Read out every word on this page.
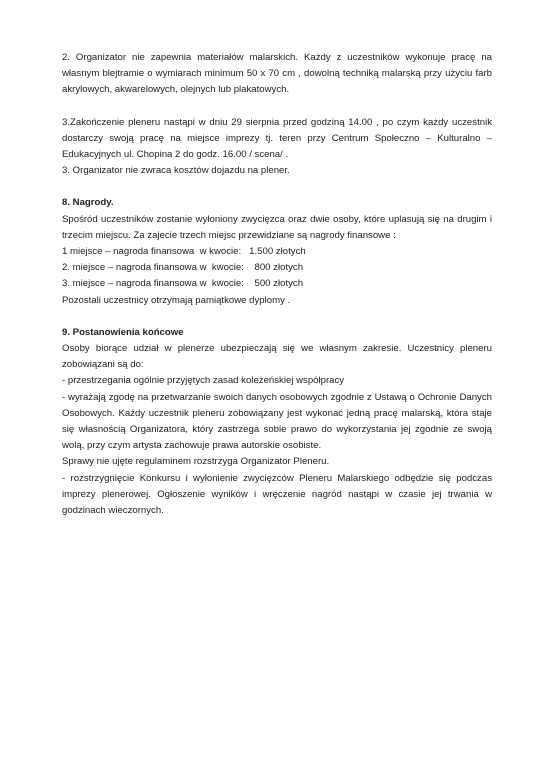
2. Organizator nie zapewnia materiałów malarskich. Każdy z uczestników wykonuje pracę na własnym blejtramie o wymiarach minimum 50 x 70 cm , dowolną techniką malarską przy użyciu farb akrylowych, akwarelowych, olejnych lub plakatowych.

3.Zakończenie pleneru nastąpi w dniu 29 sierpnia przed godziną 14.00 , po czym każdy uczestnik dostarczy swoją pracę na miejsce imprezy tj. teren przy Centrum Społeczno – Kulturalno – Edukacyjnych ul. Chopina 2 do godz. 16.00 / scena/ .

3. Organizator nie zwraca kosztów dojazdu na plener.

8. Nagrody.

Spośród uczestników zostanie wyłoniony zwycięzca oraz dwie osoby, które uplasują się na drugim i trzecim miejscu. Za zajecie trzech miejsc przewidziane są nagrody finansowe :

1 miejsce – nagroda finansowa  w kwocie:   1.500 złotych
2. miejsce – nagroda finansowa w  kwocie:    800 złotych
3. miejsce – nagroda finansowa w  kwocie:    500 złotych

Pozostali uczestnicy otrzymają pamiątkowe dyplomy .

9. Postanowienia końcowe

Osoby biorące udział w plenerze ubezpieczają się we własnym zakresie. Uczestnicy pleneru zobowiązani są do:

- przestrzegania ogólnie przyjętych zasad koleżeńskiej współpracy

- wyrażają zgodę na przetwarzanie swoich danych osobowych zgodnie z Ustawą o Ochronie Danych Osobowych. Każdy uczestnik pleneru zobowiązany jest wykonać jedną pracę malarską, która staje się własnością Organizatora, który zastrzega sobie prawo do wykorzystania jej zgodnie ze swoją wolą, przy czym artysta zachowuje prawa autorskie osobiste.

Sprawy nie ujęte regulaminem rozstrzyga Organizator Pleneru.

- rozstrzygnięcie Konkursu i wyłonienie zwycięzców Pleneru Malarskiego odbędzie się podczas imprezy plenerowej. Ogłoszenie wyników i wręczenie nagród nastąpi w czasie jej trwania w godzinach wieczornych.
